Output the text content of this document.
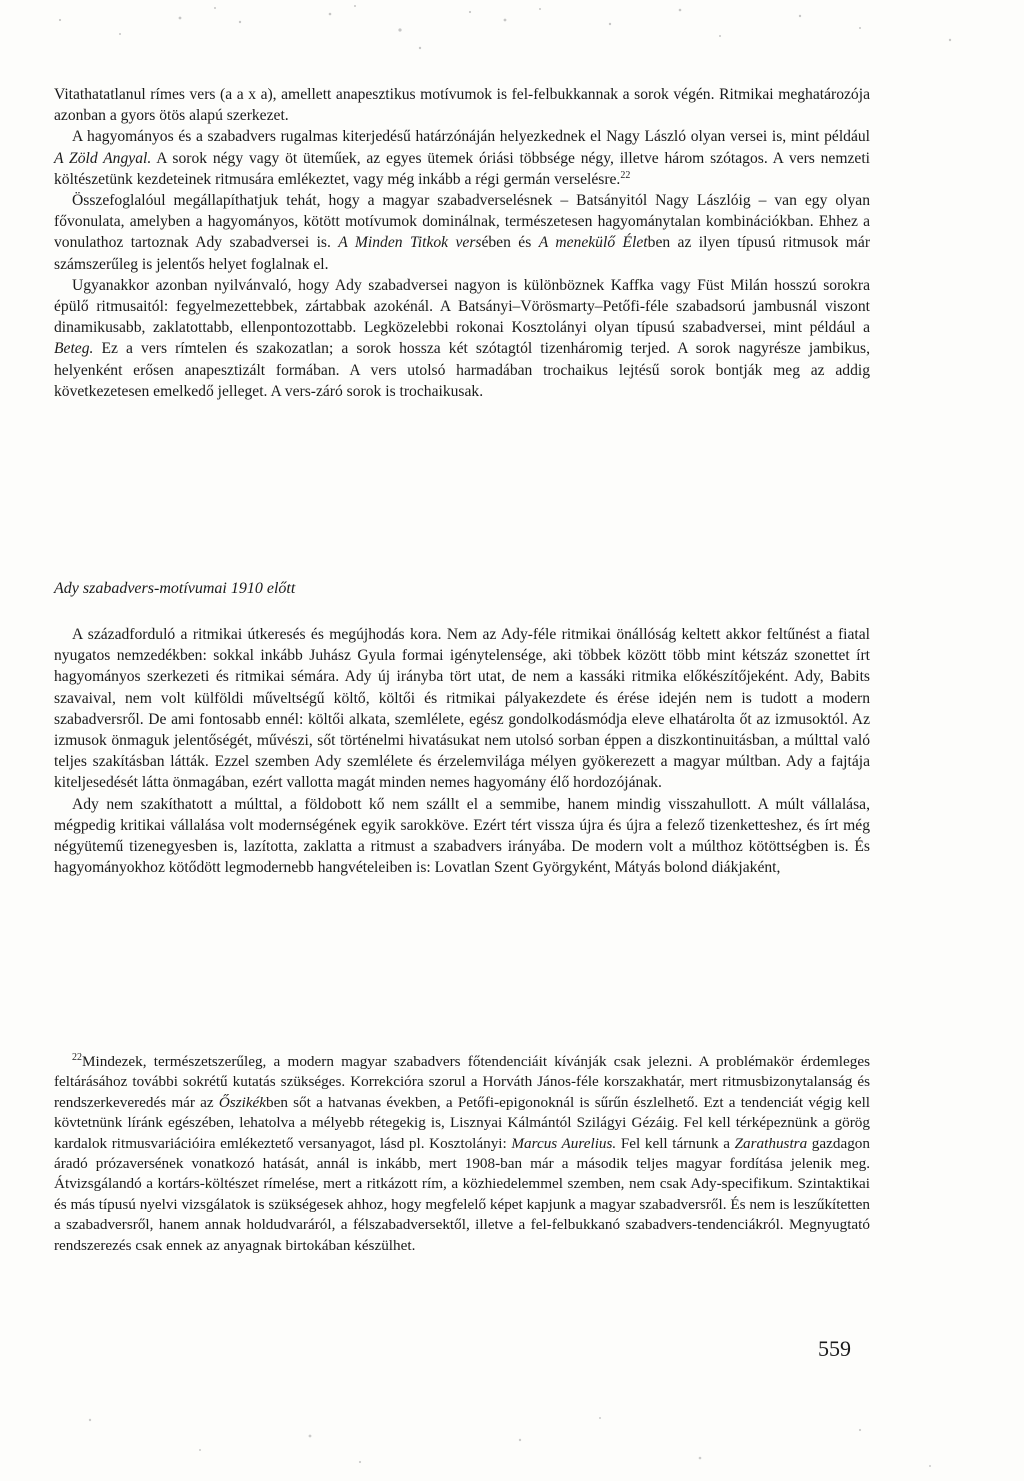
Vitathatatlanul rímes vers (a a x a), amellett anapesztikus motívumok is fel-felbukkannak a sorok végén. Ritmikai meghatározója azonban a gyors ötös alapú szerkezet.

A hagyományos és a szabadvers rugalmas kiterjedésű határzónáján helyezkednek el Nagy László olyan versei is, mint például A Zöld Angyal. A sorok négy vagy öt üteműek, az egyes ütemek óriási többsége négy, illetve három szótagos. A vers nemzeti költészetünk kezdeteinek ritmusára emlékeztet, vagy még inkább a régi germán verselésre.$^{22}$

Összefoglalóul megállapíthatjuk tehát, hogy a magyar szabadverselésnek – Batsányitól Nagy Lászlóig – van egy olyan fővonulata, amelyben a hagyományos, kötött motívumok dominálnak, természetesen hagyománytalan kombinációkban. Ehhez a vonulathoz tartoznak Ady szabadversei is. A Minden Titkok versében és A menekülő Életben az ilyen típusú ritmusok már számszerűleg is jelentős helyet foglalnak el.

Ugyanakkor azonban nyilvánvaló, hogy Ady szabadversei nagyon is különböznek Kaffka vagy Füst Milán hosszú sorokra épülő ritmusaitól: fegyelmezettebbek, zártabbak azokénál. A Batsányi–Vörösmarty–Petőfi-féle szabadsorú jambusnál viszont dinamikusabb, zaklatottabb, ellenpontozottabb. Legközelebbi rokonai Kosztolányi olyan típusú szabadversei, mint például a Beteg. Ez a vers rímtelen és szakozatlan; a sorok hossza két szótagtól tizenháromig terjed. A sorok nagyrésze jambikus, helyenként erősen anapesztizált formában. A vers utolsó harmadában trochaikus lejtésű sorok bontják meg az addig következetesen emelkedő jelleget. A vers-záró sorok is trochaikusak.

Ady szabadvers-motívumai 1910 előtt

A századforduló a ritmikai útkeresés és megújhodás kora. Nem az Ady-féle ritmikai önállóság keltett akkor feltűnést a fiatal nyugatos nemzedékben: sokkal inkább Juhász Gyula formai igénytelensége, aki többek között több mint kétszáz szonettet írt hagyományos szerkezeti és ritmikai sémára. Ady új irányba tört utat, de nem a kassáki ritmika előkészítőjeként. Ady, Babits szavaival, nem volt külföldi műveltségű költő, költői és ritmikai pályakezdete és érése idején nem is tudott a modern szabadversről. De ami fontosabb ennél: költői alkata, szemlélete, egész gondolkodásmódja eleve elhatárolta őt az izmusoktól. Az izmusok önmaguk jelentőségét, művészi, sőt történelmi hivatásukat nem utolsó sorban éppen a diszkontinuitásban, a múlttal való teljes szakításban látták. Ezzel szemben Ady szemlélete és érzelemvilága mélyen gyökerezett a magyar múltban. Ady a fajtája kiteljesedését látta önmagában, ezért vallotta magát minden nemes hagyomány élő hordozójának.

Ady nem szakíthatott a múlttal, a földobott kő nem szállt el a semmibe, hanem mindig visszahullott. A múlt vállalása, mégpedig kritikai vállalása volt modernségének egyik sarokköve. Ezért tért vissza újra és újra a felező tizenketteshez, és írt még négyütemű tizenegyesben is, lazította, zaklatta a ritmust a szabadvers irányába. De modern volt a múlthoz kötöttségben is. És hagyományokhoz kötődött legmodernebb hangvételeiben is: Lovatlan Szent Györgyként, Mátyás bolond diákjaként,

$^{22}$Mindezek, természetszerűleg, a modern magyar szabadvers főtendenciáit kívánják csak jelezni. A problémakör érdemleges feltárásához további sokrétű kutatás szükséges. Korrekcióra szorul a Horváth János-féle korszakhatár, mert ritmusbizonytalanság és rendszerkeveredés már az Őszikékben sőt a hatvanas években, a Petőfi-epigonoknál is sűrűn észlelhető. Ezt a tendenciát végig kell kövtetnünk líránk egészében, lehatolva a mélyebb rétegekig is, Lisznyai Kálmántól Szilágyi Gézáig. Fel kell térképeznünk a görög kardalok ritmusvariációira emlékeztető versanyagot, lásd pl. Kosztolányi: Marcus Aurelius. Fel kell tárnunk a Zarathustra gazdagon áradó prózaversének vonatkozó hatását, annál is inkább, mert 1908-ban már a második teljes magyar fordítása jelenik meg. Átvizsgálandó a kortárs-költészet rímelése, mert a ritkázott rím, a közhiedelemmel szemben, nem csak Ady-specifikum. Szintaktikai és más típusú nyelvi vizsgálatok is szükségesek ahhoz, hogy megfelelő képet kapjunk a magyar szabadversről. És nem is leszűkítetten a szabadversről, hanem annak holdudvaráról, a félszabadversektől, illetve a fel-felbukkanó szabadvers-tendenciákról. Megnyugtató rendszerezés csak ennek az anyagnak birtokában készülhet.

559
